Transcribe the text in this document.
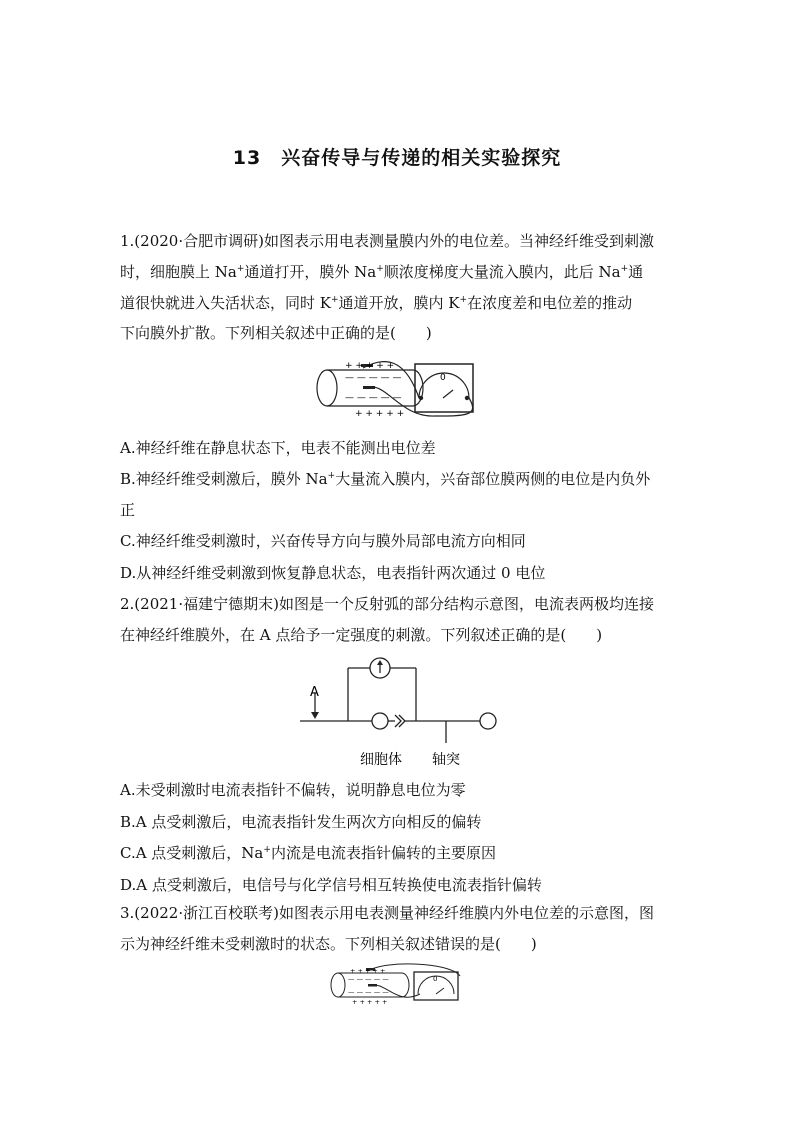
13　兴奋传导与传递的相关实验探究
1.(2020·合肥市调研)如图表示用电表测量膜内外的电位差。当神经纤维受到刺激
时，细胞膜上 Na+通道打开，膜外 Na+顺浓度梯度大量流入膜内，此后 Na+通
道很快就进入失活状态，同时 K+通道开放，膜内 K+在浓度差和电位差的推动
下向膜外扩散。下列相关叙述中正确的是(　　)
+ + + + +
+ + + + +
— — — — —
— — — — —
0
A.神经纤维在静息状态下，电表不能测出电位差
B.神经纤维受刺激后，膜外 Na+大量流入膜内，兴奋部位膜两侧的电位是内负外
正
C.神经纤维受刺激时，兴奋传导方向与膜外局部电流方向相同
D.从神经纤维受刺激到恢复静息状态，电表指针两次通过 0 电位
2.(2021·福建宁德期末)如图是一个反射弧的部分结构示意图，电流表两极均连接
在神经纤维膜外，在 A 点给予一定强度的刺激。下列叙述正确的是(　　)
A
细胞体 轴突
A.未受刺激时电流表指针不偏转，说明静息电位为零
B.A 点受刺激后，电流表指针发生两次方向相反的偏转
C.A 点受刺激后，Na+内流是电流表指针偏转的主要原因
D.A 点受刺激后，电信号与化学信号相互转换使电流表指针偏转
3.(2022·浙江百校联考)如图表示用电表测量神经纤维膜内外电位差的示意图，图
示为神经纤维未受刺激时的状态。下列相关叙述错误的是(　　)
+ + + + +
+ + + + +
— — — — —
— — — — —
0
